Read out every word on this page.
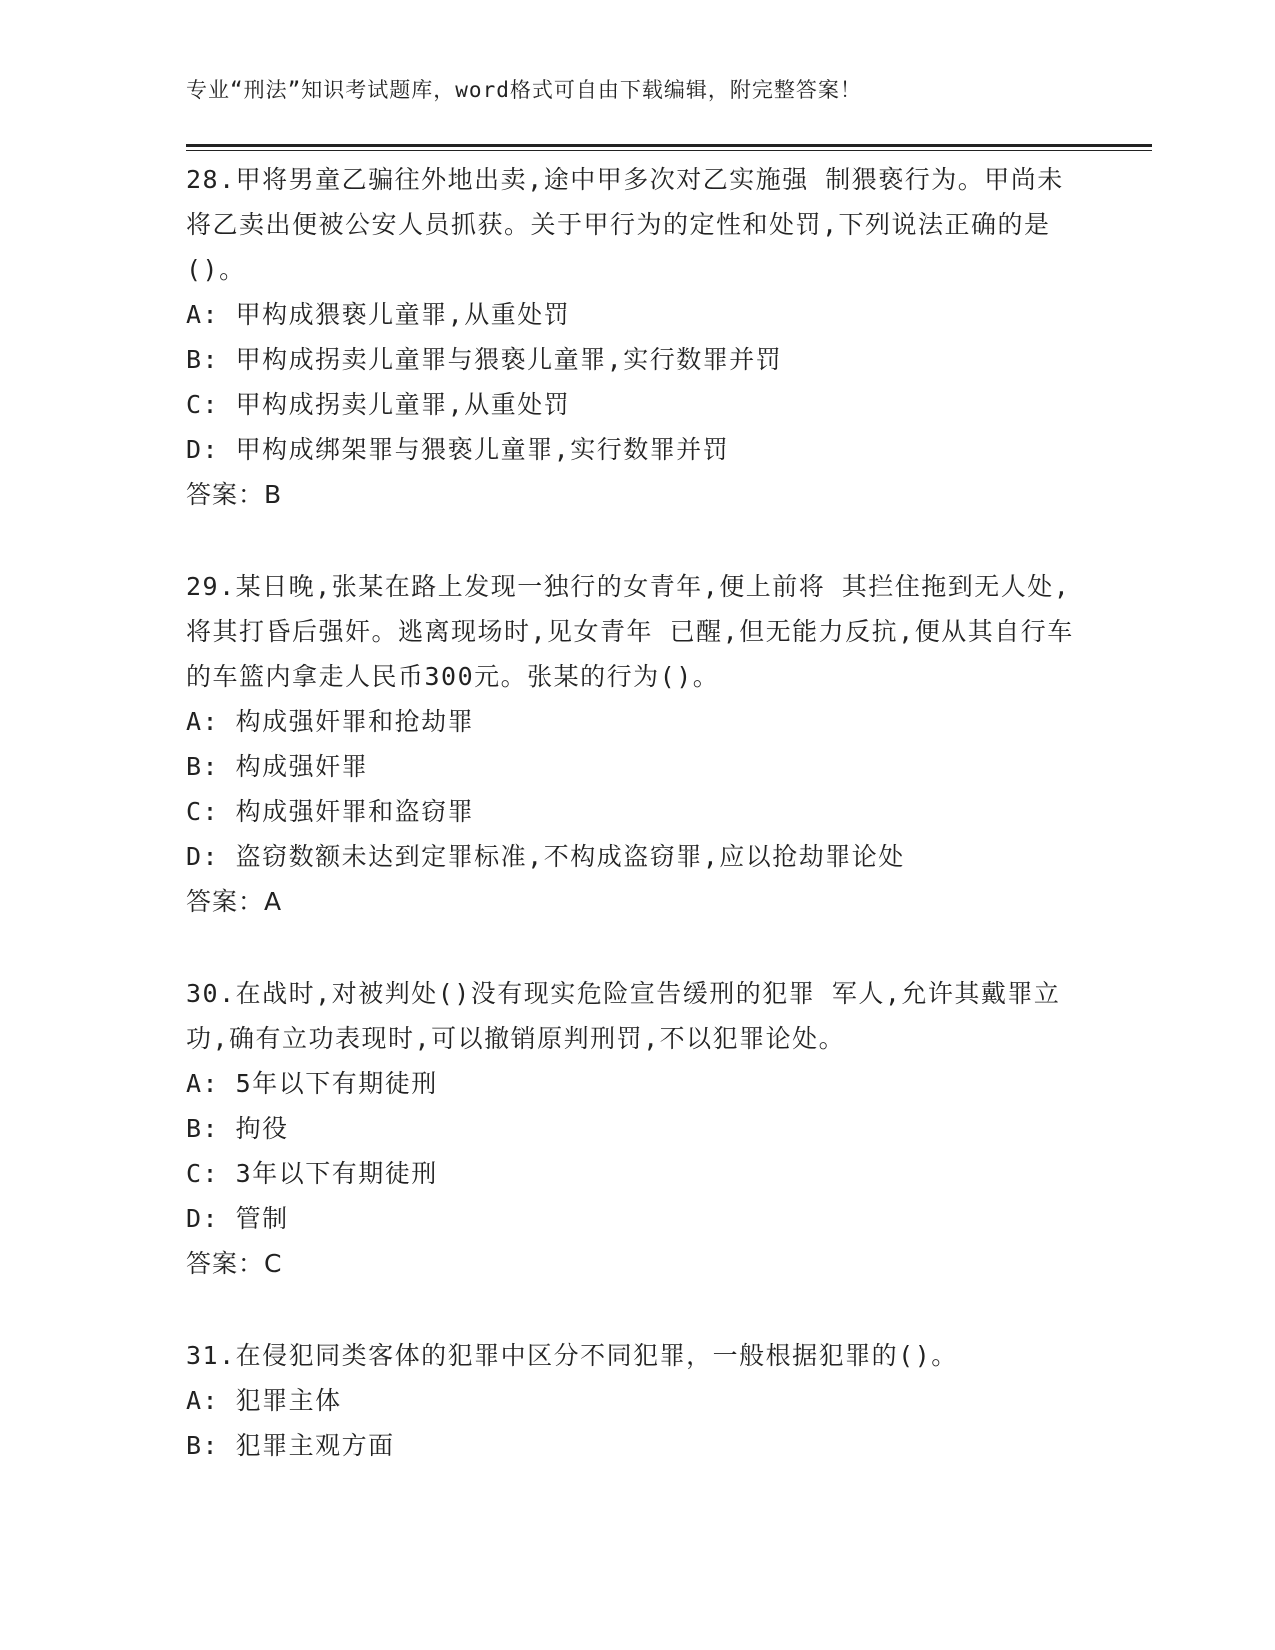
专业“刑法”知识考试题库，word格式可自由下载编辑，附完整答案！

28.甲将男童乙骗往外地出卖,途中甲多次对乙实施强 制猥亵行为。甲尚未将乙卖出便被公安人员抓获。关于甲行为的定性和处罚,下列说法正确的是()。

A: 甲构成猥亵儿童罪,从重处罚

B: 甲构成拐卖儿童罪与猥亵儿童罪,实行数罪并罚

C: 甲构成拐卖儿童罪,从重处罚

D: 甲构成绑架罪与猥亵儿童罪,实行数罪并罚

答案：B

29.某日晚,张某在路上发现一独行的女青年,便上前将 其拦住拖到无人处,将其打昏后强奸。逃离现场时,见女青年 已醒,但无能力反抗,便从其自行车的车篮内拿走人民币300元。张某的行为()。

A: 构成强奸罪和抢劫罪

B: 构成强奸罪

C: 构成强奸罪和盗窃罪

D: 盗窃数额未达到定罪标准,不构成盗窃罪,应以抢劫罪论处

答案：A

30.在战时,对被判处()没有现实危险宣告缓刑的犯罪 军人,允许其戴罪立功,确有立功表现时,可以撤销原判刑罚,不以犯罪论处。

A: 5年以下有期徒刑

B: 拘役

C: 3年以下有期徒刑

D: 管制

答案：C

31.在侵犯同类客体的犯罪中区分不同犯罪，一般根据犯罪的()。

A: 犯罪主体

B: 犯罪主观方面
